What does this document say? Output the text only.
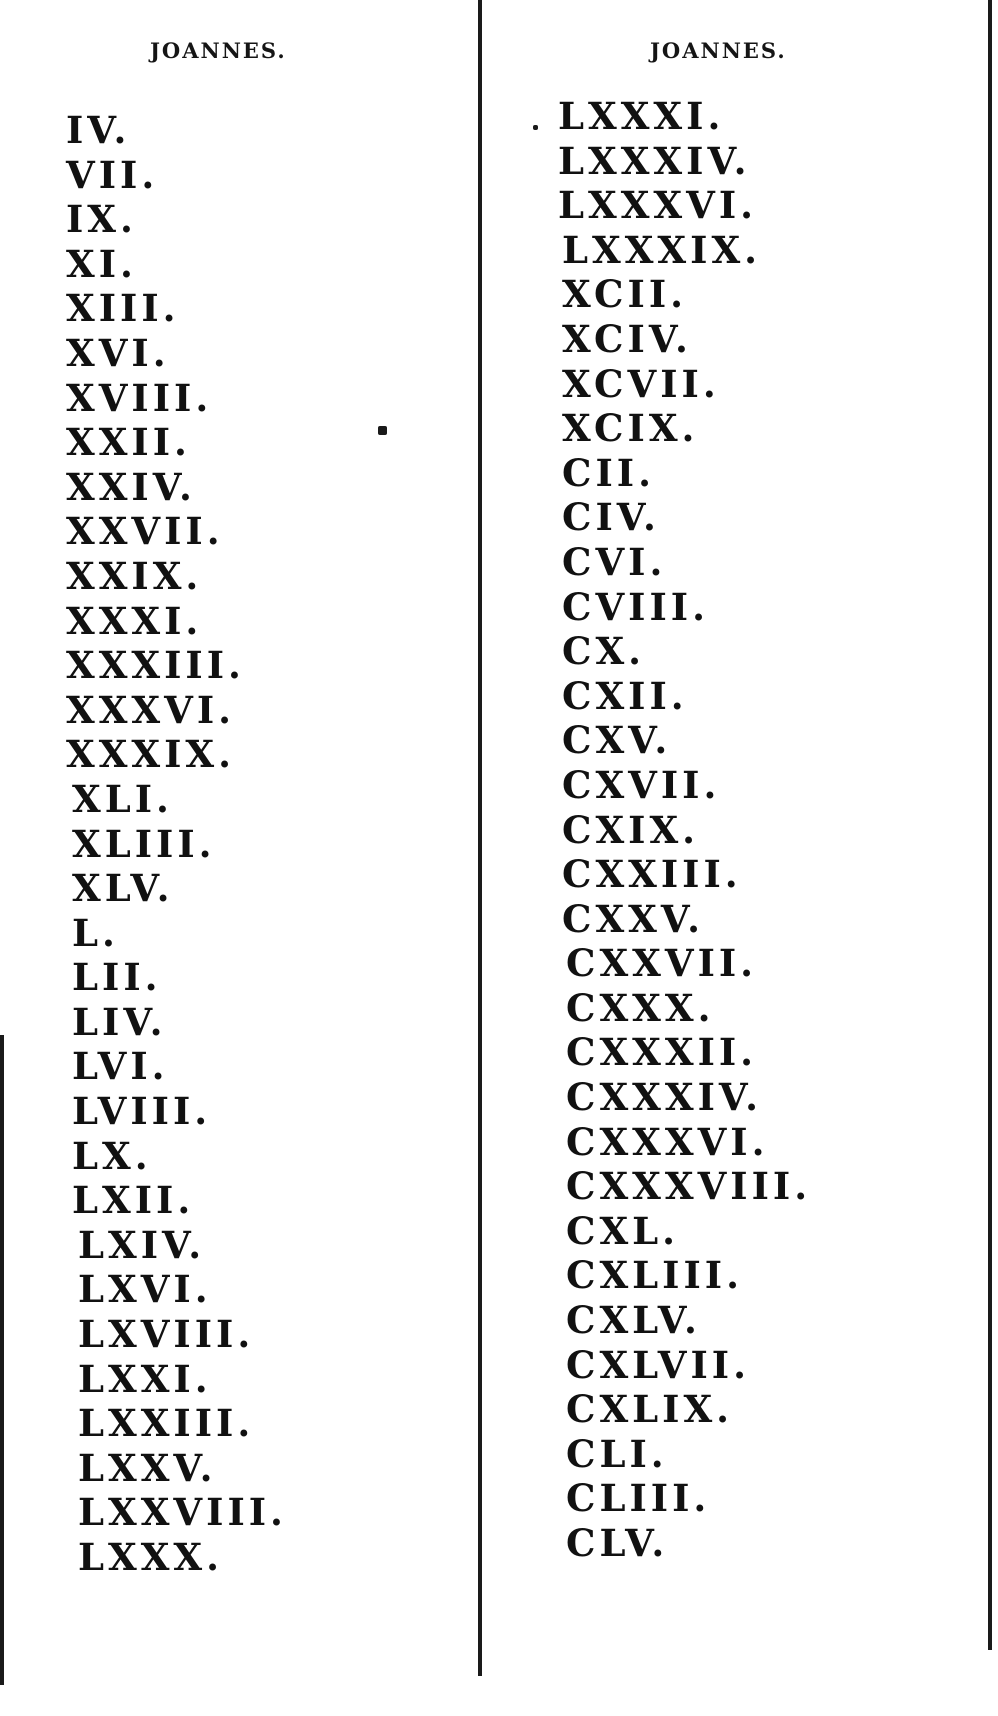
JOANNES.	JOANNES.
IV.
VII.
IX.
XI.
XIII.
XVI.
XVIII.
XXII.
XXIV.
XXVII.
XXIX.
XXXI.
XXXIII.
XXXVI.
XXXIX.
XLI.
XLIII.
XLV.
L.
LII.
LIV.
LVI.
LVIII.
LX.
LXII.
LXIV.
LXVI.
LXVIII.
LXXI.
LXXIII.
LXXV.
LXXVIII.
LXXX.
LXXXI.
LXXXIV.
LXXXVI.
LXXXIX.
XCII.
XCIV.
XCVII.
XCIX.
CII.
CIV.
CVI.
CVIII.
CX.
CXII.
CXV.
CXVII.
CXIX.
CXXIII.
CXXV.
CXXVII.
CXXX.
CXXXII.
CXXXIV.
CXXXVI.
CXXXVIII.
CXL.
CXLIII.
CXLV.
CXLVII.
CXLIX.
CLI.
CLIII.
CLV.
